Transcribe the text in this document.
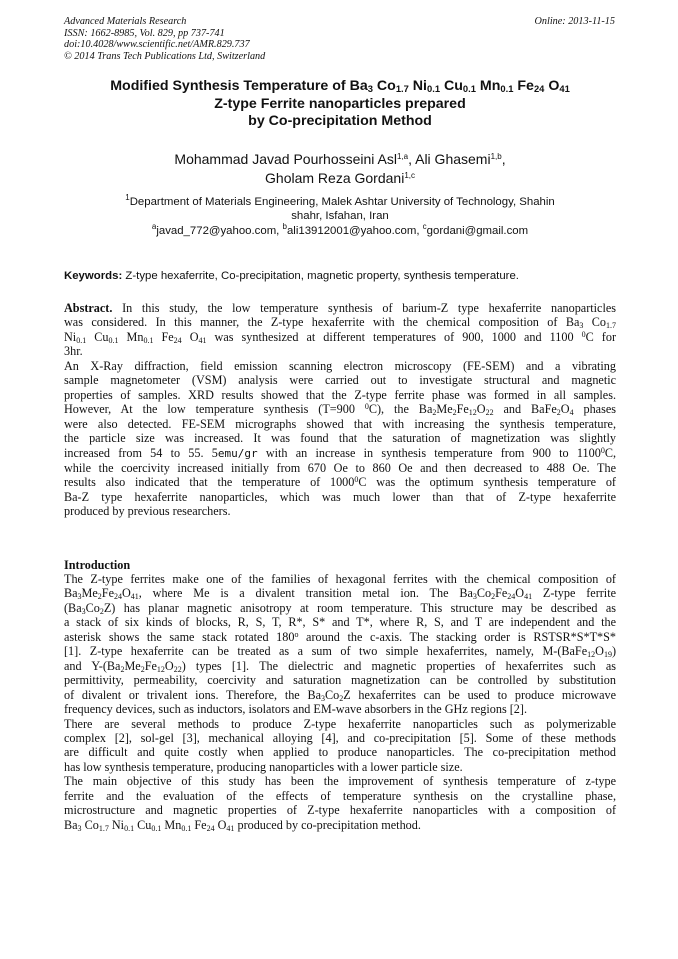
Advanced Materials Research
ISSN: 1662-8985, Vol. 829, pp 737-741
doi:10.4028/www.scientific.net/AMR.829.737
© 2014 Trans Tech Publications Ltd, Switzerland
Online: 2013-11-15
Modified Synthesis Temperature of $Ba_3$ $Co_{1.7}$ $Ni_{0.1}$ $Cu_{0.1}$ $Mn_{0.1}$ $Fe_{24}$ $O_{41}$
Z-type Ferrite nanoparticles prepared
by Co-precipitation Method
Mohammad Javad Pourhosseini Asl$^{1,a}$, Ali Ghasemi$^{1,b}$,
Gholam Reza Gordani$^{1,c}$
$^1$Department of Materials Engineering, Malek Ashtar University of Technology, Shahin
shahr, Isfahan, Iran
$^a$javad_772@yahoo.com, $^b$ali13912001@yahoo.com, $^c$gordani@gmail.com
Keywords: Z-type hexaferrite, Co-precipitation, magnetic property, synthesis temperature.
Abstract. In this study, the low temperature synthesis of barium-Z type hexaferrite nanoparticles
was considered. In this manner, the Z-type hexaferrite with the chemical composition of $Ba_3$ $Co_{1.7}$
$Ni_{0.1}$ $Cu_{0.1}$ $Mn_{0.1}$ $Fe_{24}$ $O_{41}$ was synthesized at different temperatures of 900, 1000 and 1100 $^0$C for
3hr.
An X-Ray diffraction, field emission scanning electron microscopy (FE-SEM) and a vibrating
sample magnetometer (VSM) analysis were carried out to investigate structural and magnetic
properties of samples. XRD results showed that the Z-type ferrite phase was formed in all samples.
However, At the low temperature synthesis (T=900 $^0$C), the $Ba_2Me_2Fe_{12}O_{22}$ and $BaFe_2O_4$ phases
were also detected. FE-SEM micrographs showed that with increasing the synthesis temperature,
the particle size was increased. It was found that the saturation of magnetization was slightly
increased from 54 to 55. 5emu/gr with an increase in synthesis temperature from 900 to 1100$^0$C,
while the coercivity increased initially from 670 Oe to 860 Oe and then decreased to 488 Oe. The
results also indicated that the temperature of 1000$^0$C was the optimum synthesis temperature of
Ba-Z type hexaferrite nanoparticles, which was much lower than that of Z-type hexaferrite
produced by previous researchers.
Introduction
The Z-type ferrites make one of the families of hexagonal ferrites with the chemical composition of
$Ba_3Me_2Fe_{24}O_{41}$, where Me is a divalent transition metal ion. The $Ba_3Co_2Fe_{24}O_{41}$ Z-type ferrite
$(Ba_3Co_2Z)$ has planar magnetic anisotropy at room temperature. This structure may be described as
a stack of six kinds of blocks, R, S, T, R*, S* and T*, where R, S, and T are independent and the
asterisk shows the same stack rotated 180$^o$ around the c-axis. The stacking order is RSTSR*S*T*S*
[1]. Z-type hexaferrite can be treated as a sum of two simple hexaferrites, namely, $M-(BaFe_{12}O_{19})$
and $Y-(Ba_2Me_2Fe_{12}O_{22})$ types [1]. The dielectric and magnetic properties of hexaferrites such as
permittivity, permeability, coercivity and saturation magnetization can be controlled by substitution
of divalent or trivalent ions. Therefore, the $Ba_3Co_2Z$ hexaferrites can be used to produce microwave
frequency devices, such as inductors, isolators and EM-wave absorbers in the GHz regions [2].
There are several methods to produce Z-type hexaferrite nanoparticles such as polymerizable
complex [2], sol-gel [3], mechanical alloying [4], and co-precipitation [5]. Some of these methods
are difficult and quite costly when applied to produce nanoparticles. The co-precipitation method
has low synthesis temperature, producing nanoparticles with a lower particle size.
The main objective of this study has been the improvement of synthesis temperature of z-type
ferrite and the evaluation of the effects of temperature synthesis on the crystalline phase,
microstructure and magnetic properties of Z-type hexaferrite nanoparticles with a composition of
$Ba_3$ $Co_{1.7}$ $Ni_{0.1}$ $Cu_{0.1}$ $Mn_{0.1}$ $Fe_{24}$ $O_{41}$ produced by co-precipitation method.
